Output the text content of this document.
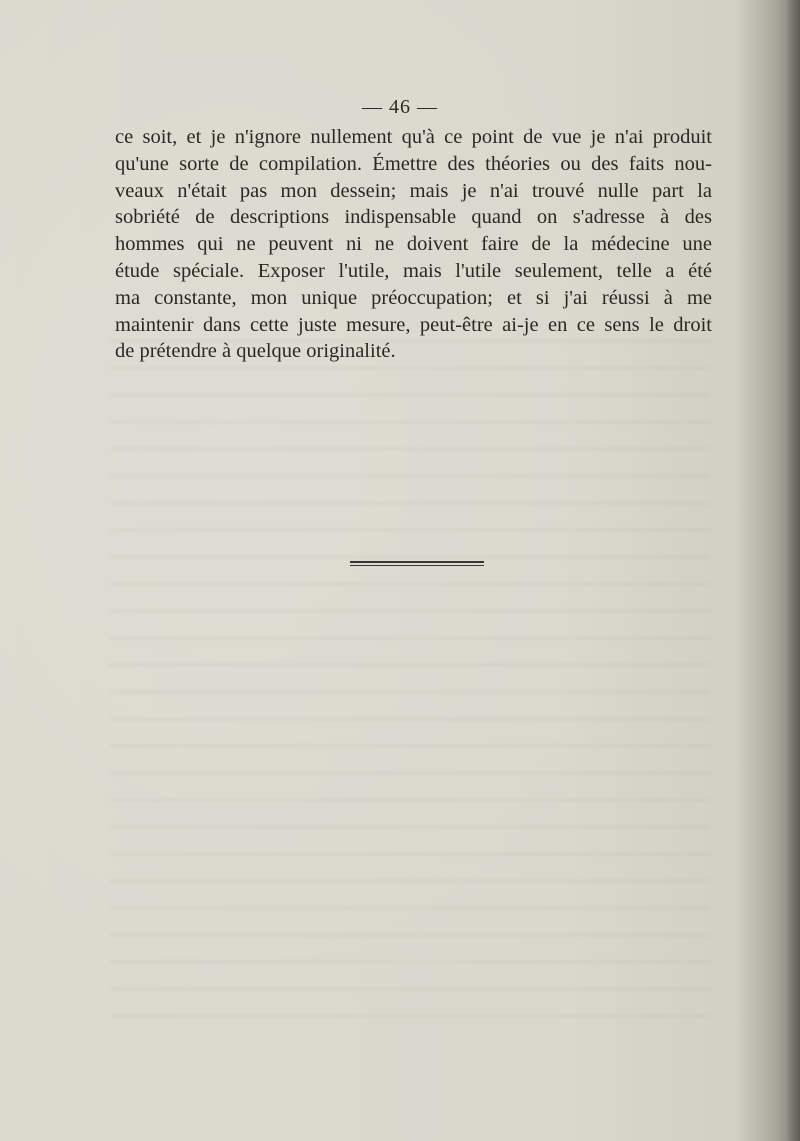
— 46 —
ce soit, et je n'ignore nullement qu'à ce point de vue je n'ai produit
qu'une sorte de compilation. Émettre des théories ou des faits nou-
veaux n'était pas mon dessein; mais je n'ai trouvé nulle part la
sobriété de descriptions indispensable quand on s'adresse à des
hommes qui ne peuvent ni ne doivent faire de la médecine une
étude spéciale. Exposer l'utile, mais l'utile seulement, telle a été
ma constante, mon unique préoccupation; et si j'ai réussi à me
maintenir dans cette juste mesure, peut-être ai-je en ce sens le droit
de prétendre à quelque originalité.
